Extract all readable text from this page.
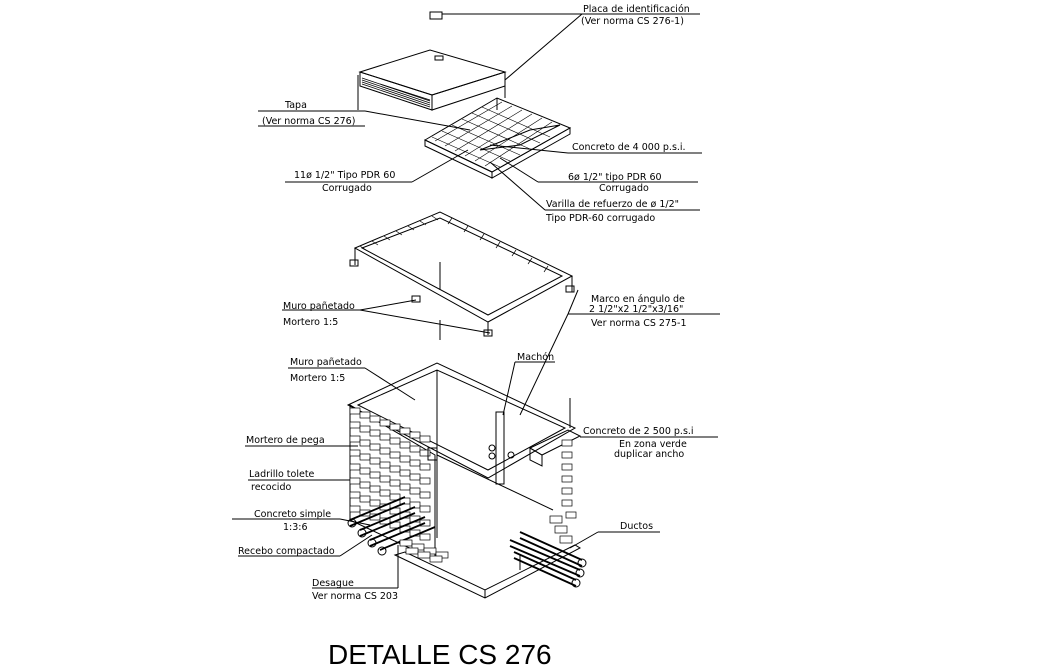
Placa de identificación
(Ver norma CS 276-1)
Tapa
(Ver norma CS 276)
Concreto de 4 000 p.s.i.
11ø 1/2" Tipo PDR 60
Corrugado
6ø 1/2" tipo PDR 60
Corrugado
Varilla de refuerzo de ø 1/2"
Tipo PDR-60 corrugado
Muro pañetado
Mortero 1:5
Marco en ángulo de
2 1/2"x2 1/2"x3/16"
Ver norma CS 275-1
Muro pañetado
Mortero 1:5
Machón
Mortero de pega
Ladrillo tolete
recocido
Concreto de 2 500 p.s.i
En zona verde
duplicar ancho
Concreto simple
1:3:6
Recebo compactado
Ductos
Desague
Ver norma CS 203
DETALLE CS 276
